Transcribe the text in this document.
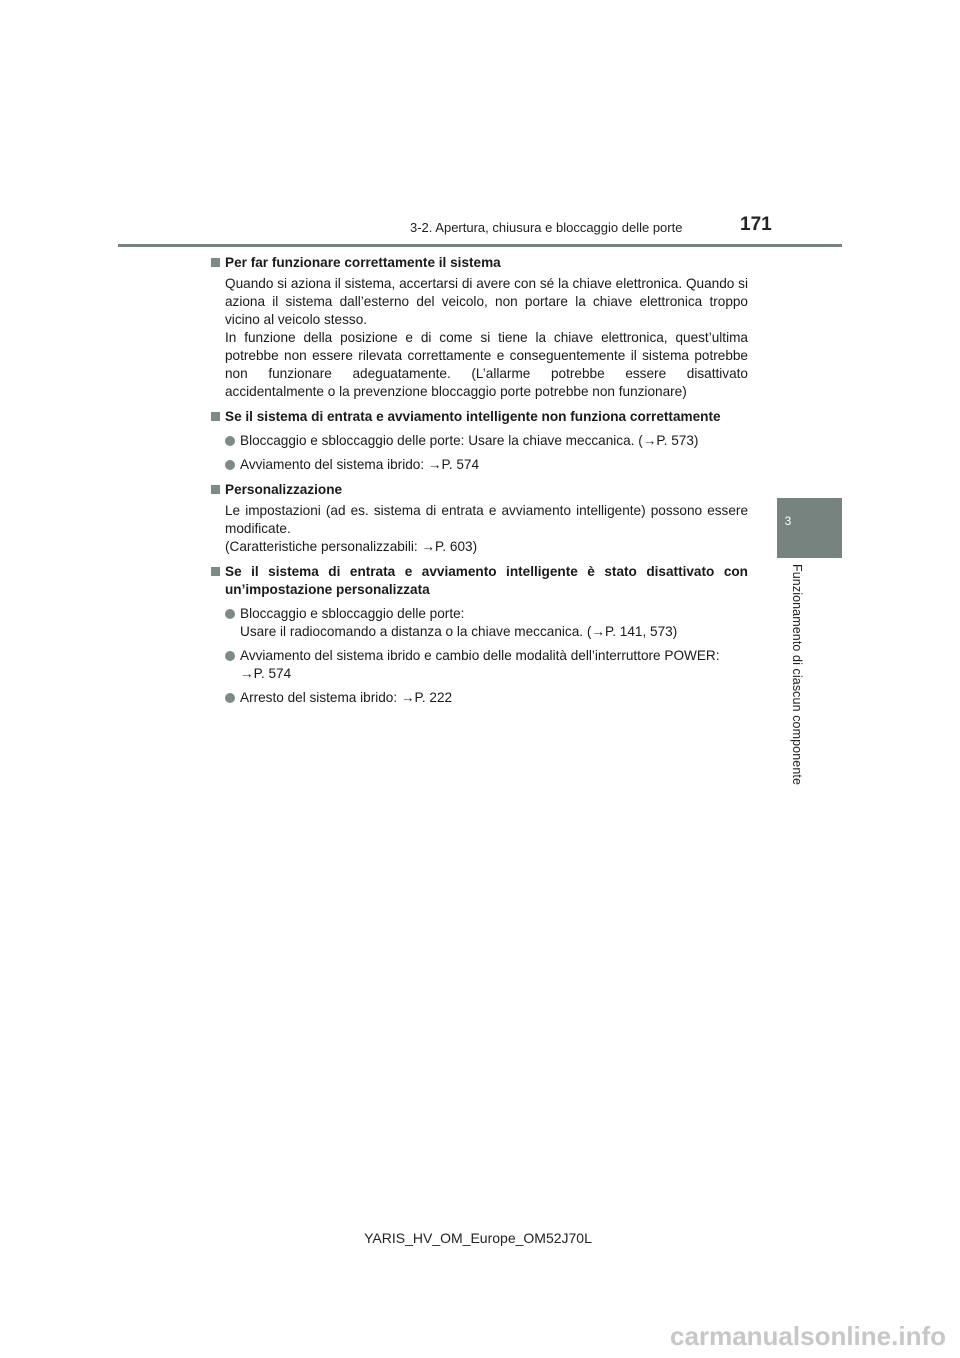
3-2. Apertura, chiusura e bloccaggio delle porte	171
3
Funzionamento di ciascun componente
Per far funzionare correttamente il sistema
Quando si aziona il sistema, accertarsi di avere con sé la chiave elettronica. Quando si aziona il sistema dall’esterno del veicolo, non portare la chiave elettronica troppo vicino al veicolo stesso.
In funzione della posizione e di come si tiene la chiave elettronica, quest’ultima potrebbe non essere rilevata correttamente e conseguentemente il sistema potrebbe non funzionare adeguatamente. (L’allarme potrebbe essere disattivato accidentalmente o la prevenzione bloccaggio porte potrebbe non funzionare)
Se il sistema di entrata e avviamento intelligente non funziona correttamente
Bloccaggio e sbloccaggio delle porte: Usare la chiave meccanica. (→P. 573)
Avviamento del sistema ibrido: →P. 574
Personalizzazione
Le impostazioni (ad es. sistema di entrata e avviamento intelligente) possono essere modificate.
(Caratteristiche personalizzabili: →P. 603)
Se il sistema di entrata e avviamento intelligente è stato disattivato con un’impostazione personalizzata
Bloccaggio e sbloccaggio delle porte:
Usare il radiocomando a distanza o la chiave meccanica. (→P. 141, 573)
Avviamento del sistema ibrido e cambio delle modalità dell’interruttore POWER:
→P. 574
Arresto del sistema ibrido: →P. 222
YARIS_HV_OM_Europe_OM52J70L
carmanualsonline.info
